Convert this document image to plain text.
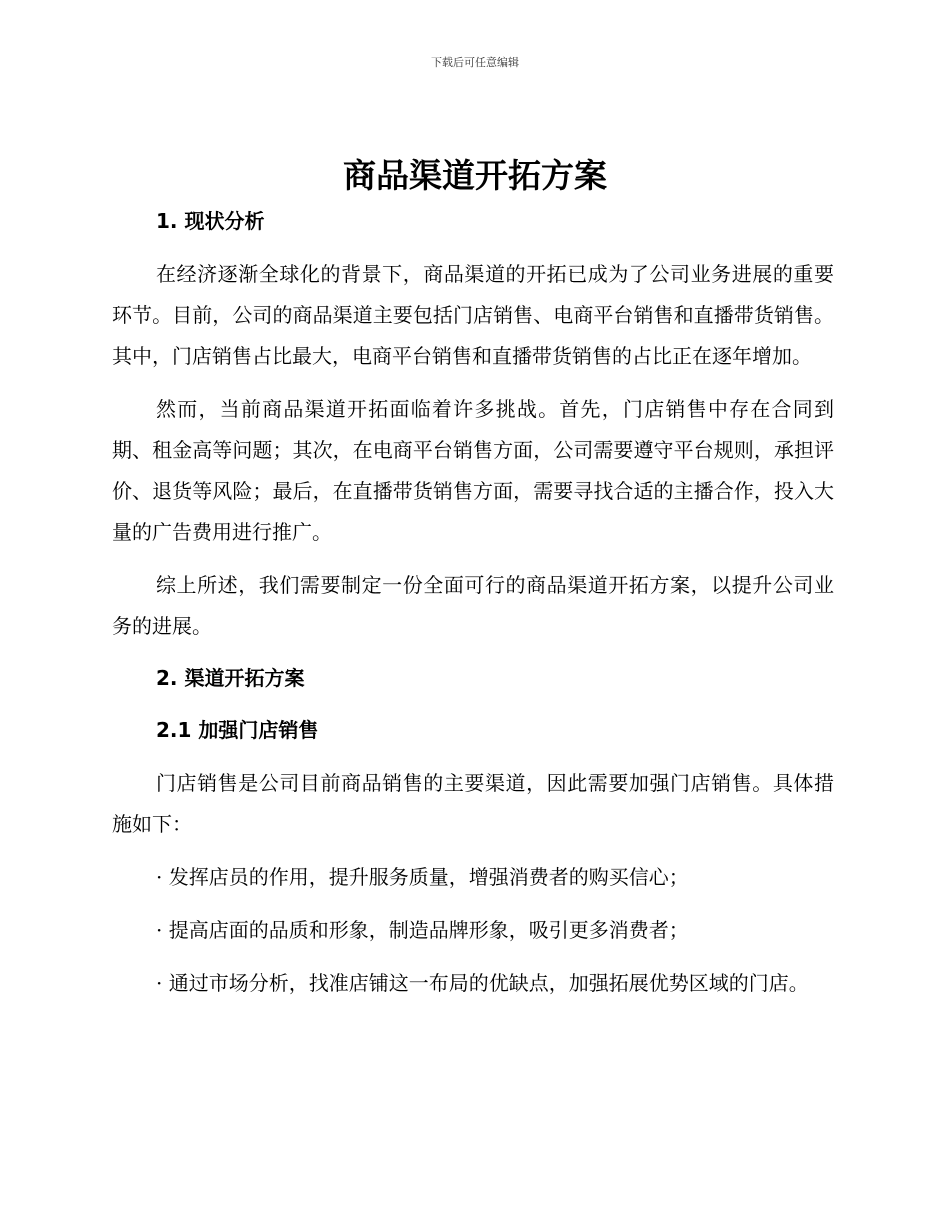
下载后可任意编辑
商品渠道开拓方案
1. 现状分析

在经济逐渐全球化的背景下，商品渠道的开拓已成为了公司业务进展的重要环节。目前，公司的商品渠道主要包括门店销售、电商平台销售和直播带货销售。其中，门店销售占比最大，电商平台销售和直播带货销售的占比正在逐年增加。

然而，当前商品渠道开拓面临着许多挑战。首先，门店销售中存在合同到期、租金高等问题；其次，在电商平台销售方面，公司需要遵守平台规则，承担评价、退货等风险；最后，在直播带货销售方面，需要寻找合适的主播合作，投入大量的广告费用进行推广。

综上所述，我们需要制定一份全面可行的商品渠道开拓方案，以提升公司业务的进展。

2. 渠道开拓方案
2.1 加强门店销售

门店销售是公司目前商品销售的主要渠道，因此需要加强门店销售。具体措施如下：

· 发挥店员的作用，提升服务质量，增强消费者的购买信心；

· 提高店面的品质和形象，制造品牌形象，吸引更多消费者；

· 通过市场分析，找准店铺这一布局的优缺点，加强拓展优势区域的门店。
